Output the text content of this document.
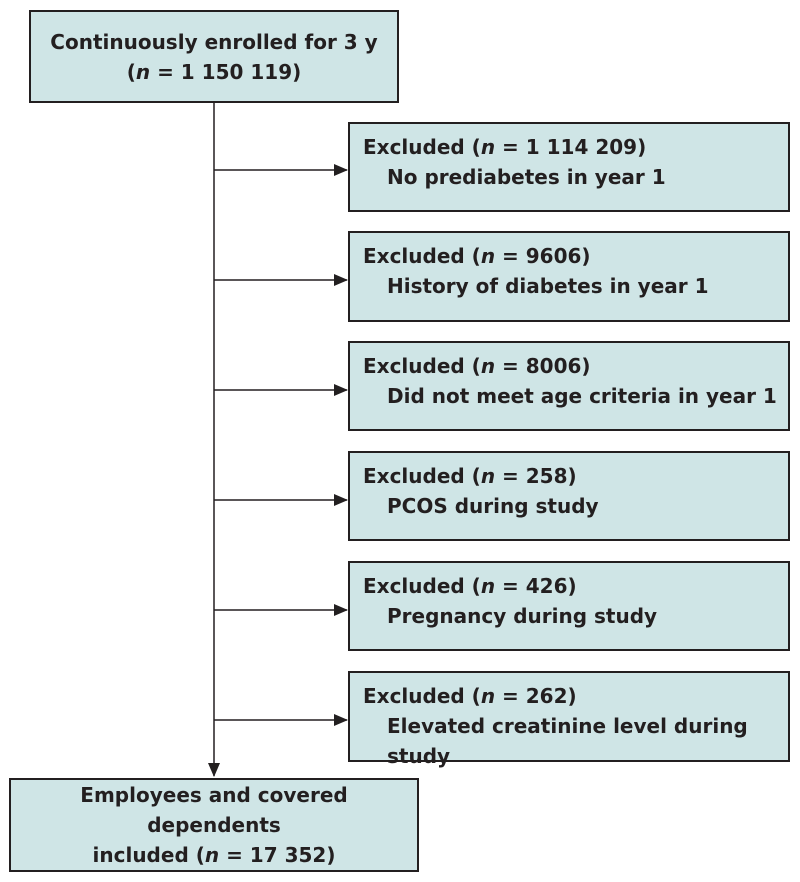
Continuously enrolled for 3 y
(n = 1 150 119)
Excluded (n = 1 114 209)
No prediabetes in year 1
Excluded (n = 9606)
History of diabetes in year 1
Excluded (n = 8006)
Did not meet age criteria in year 1
Excluded (n = 258)
PCOS during study
Excluded (n = 426)
Pregnancy during study
Excluded (n = 262)
Elevated creatinine level during study
Employees and covered dependents
included (n = 17 352)
